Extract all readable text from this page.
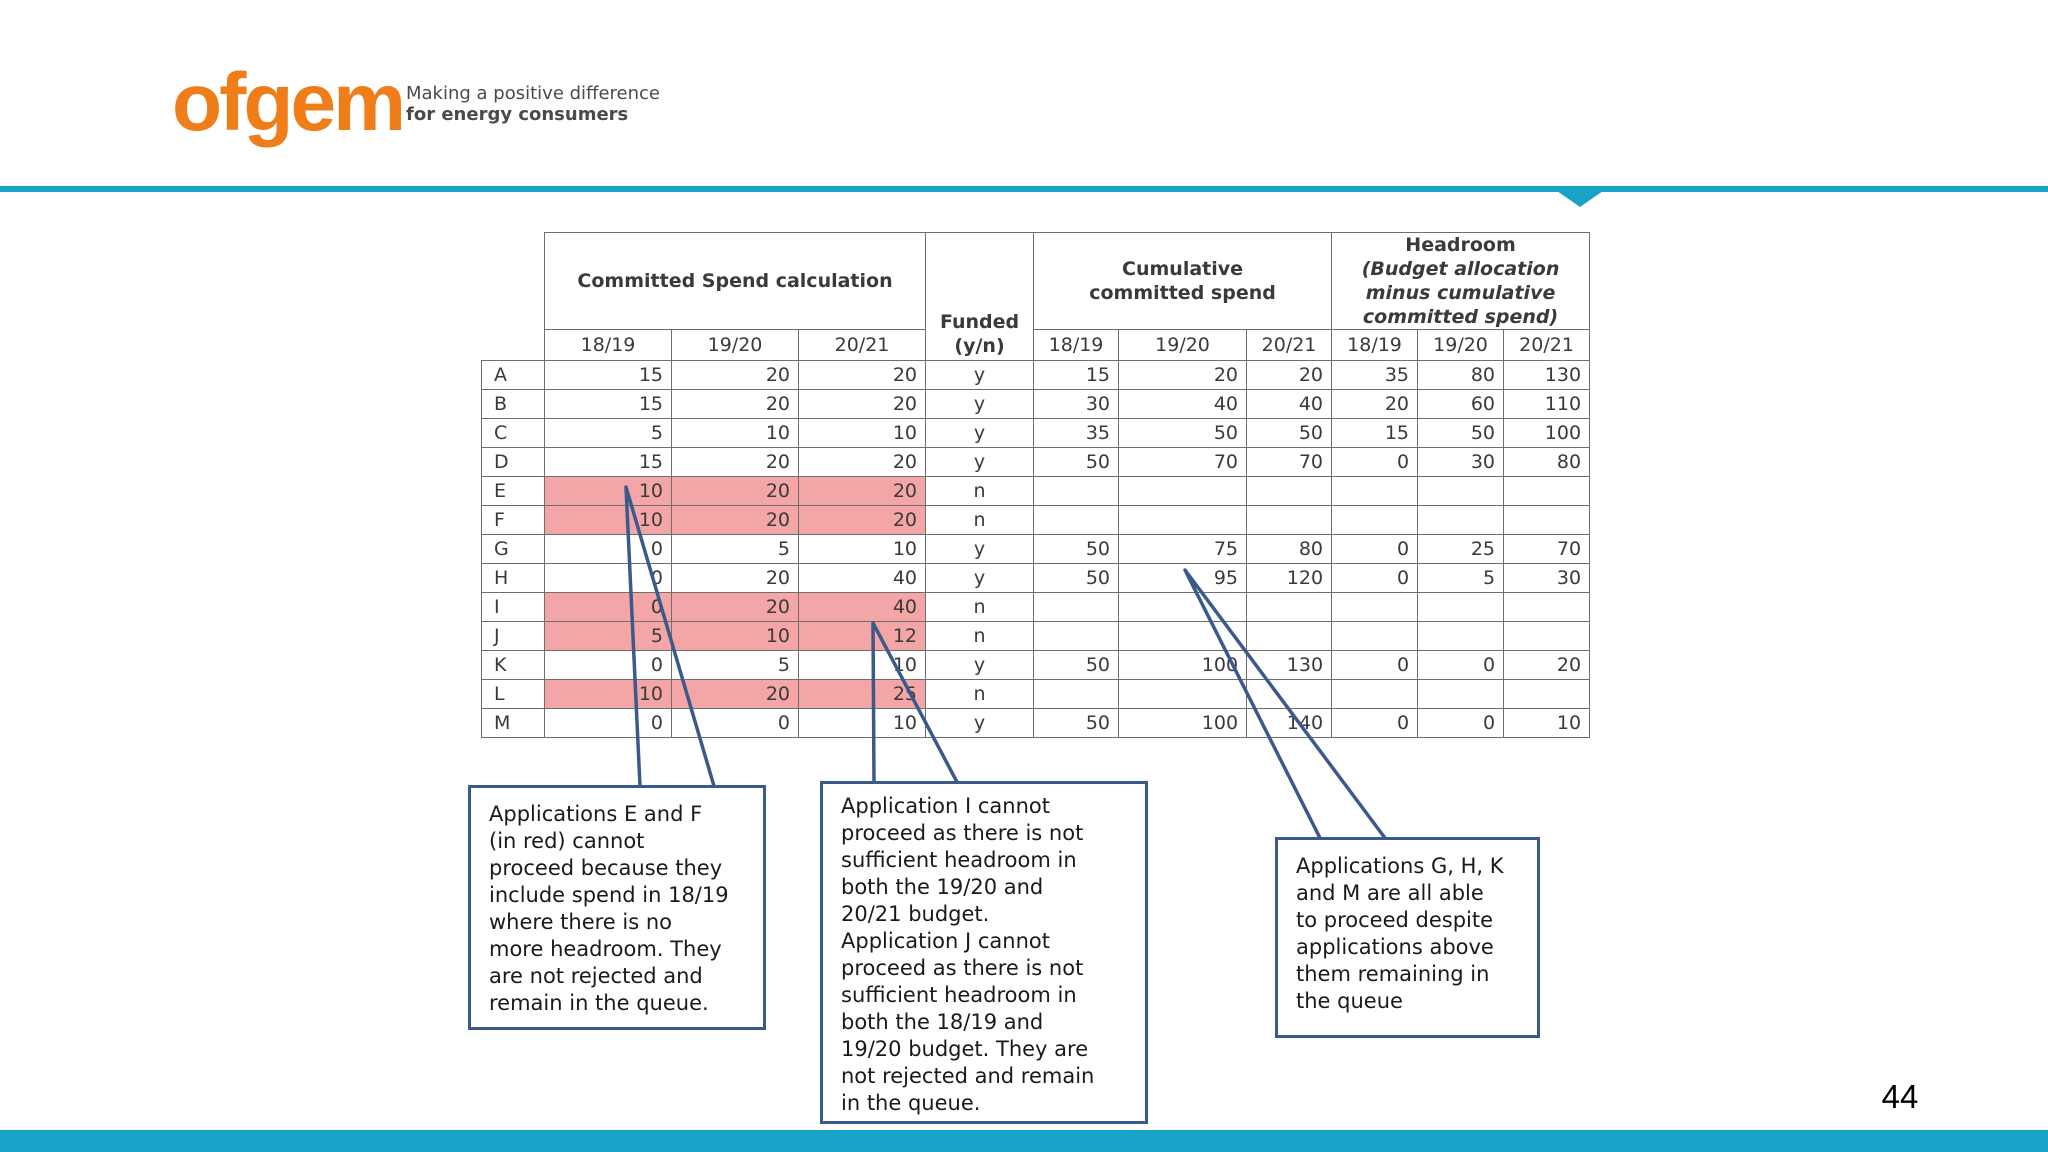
ofgem Making a positive difference
for energy consumers
	Committed Spend calculation			Funded (y/n)	Cumulative committed spend			Headroom
(Budget allocation minus cumulative committed spend)		

	18/19	19/20	20/21		18/19	19/20	20/21	18/19	19/20	20/21
A	15	20	20	y	15	20	20	35	80	130
B	15	20	20	y	30	40	40	20	60	110
C	5	10	10	y	35	50	50	15	50	100
D	15	20	20	y	50	70	70	0	30	80
E	10	20	20	n						
F	10	20	20	n						
G	0	5	10	y	50	75	80	0	25	70
H	0	20	40	y	50	95	120	0	5	30
I	0	20	40	n						
J	5	10	12	n						
K	0	5	10	y	50	100	130	0	0	20
L	10	20	25	n						
M	0	0	10	y	50	100	140	0	0	10
Applications E and F
(in red) cannot
proceed because they
include spend in 18/19
where there is no
more headroom. They
are not rejected and
remain in the queue.
Application I cannot
proceed as there is not
sufficient headroom in
both the 19/20 and
20/21 budget.
Application J cannot
proceed as there is not
sufficient headroom in
both the 18/19 and
19/20 budget. They are
not rejected and remain
in the queue.
Applications G, H, K
and M are all able
to proceed despite
applications above
them remaining in
the queue
44
